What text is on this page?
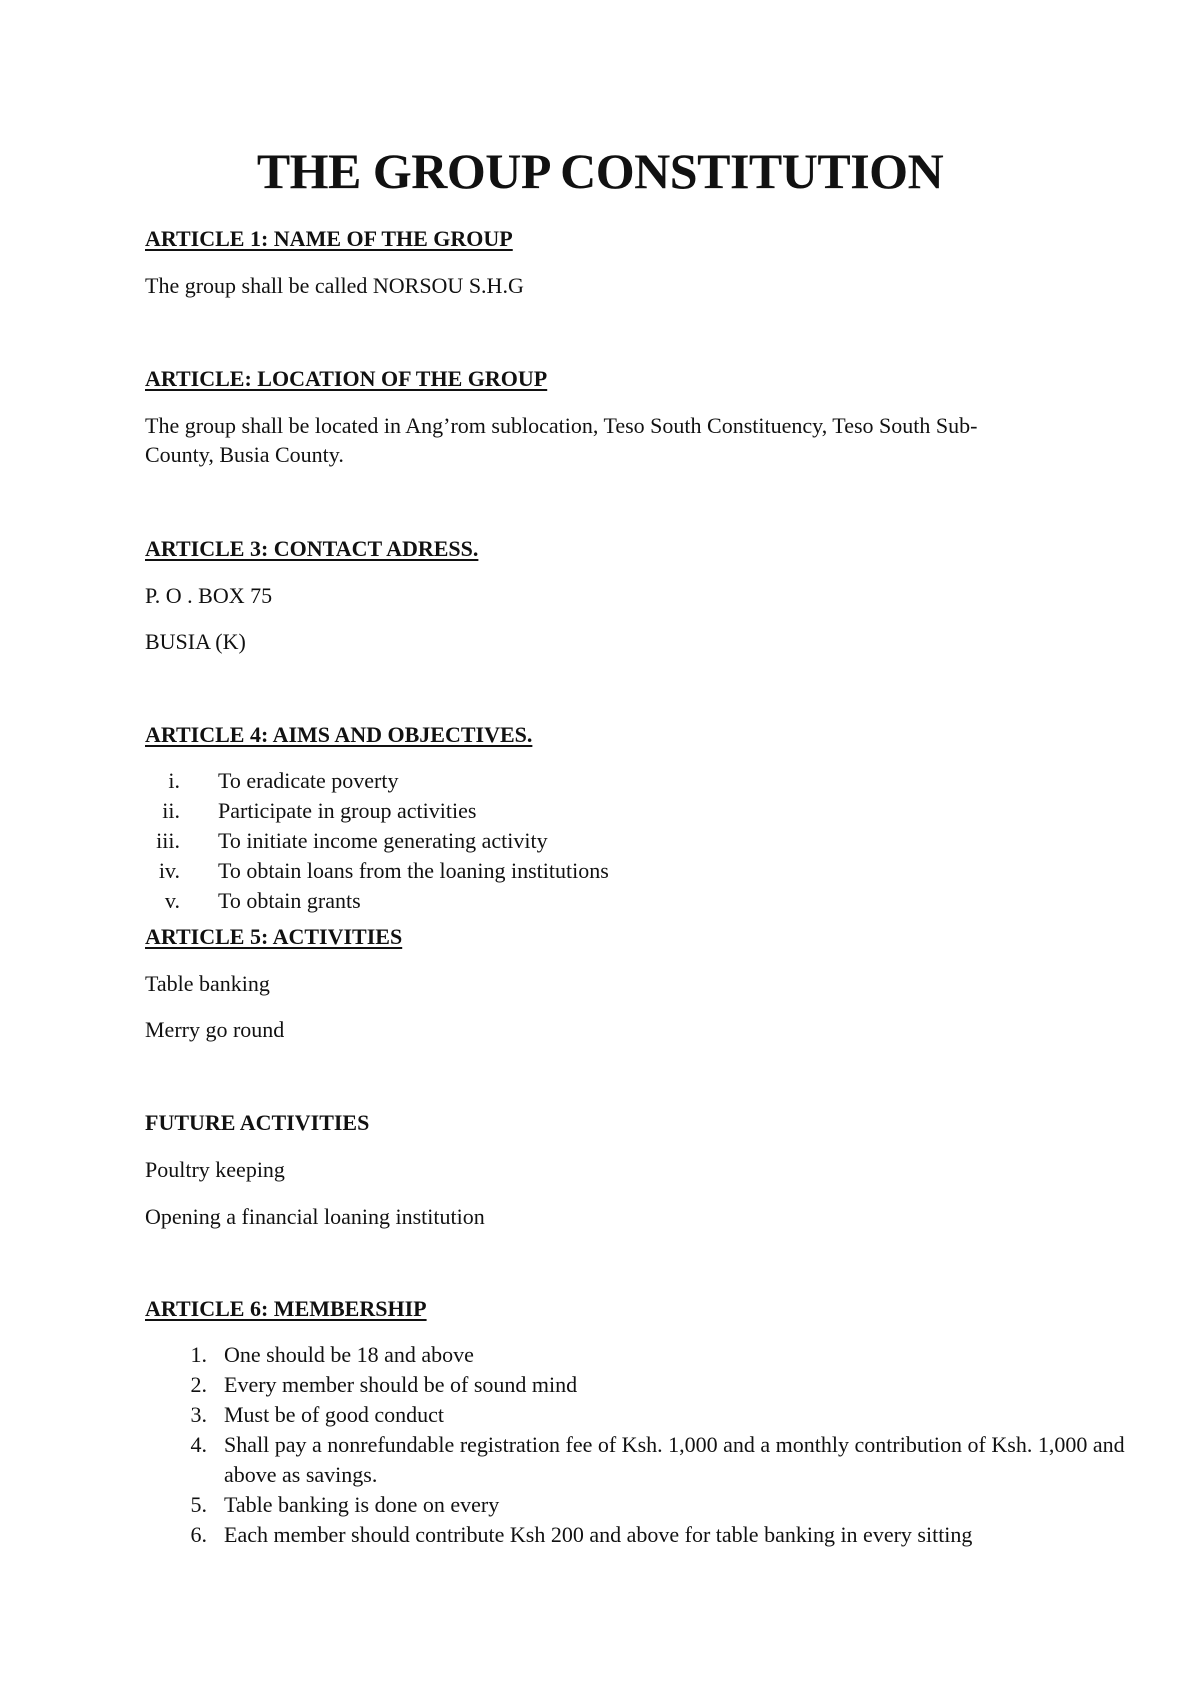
THE GROUP CONSTITUTION
ARTICLE 1: NAME OF THE GROUP

The group shall be called NORSOU S.H.G

ARTICLE: LOCATION OF THE GROUP

The group shall be located in Ang’rom sublocation, Teso South Constituency, Teso South Sub-County, Busia County.

ARTICLE 3: CONTACT ADRESS.

P. O . BOX 75

BUSIA (K)

ARTICLE 4: AIMS AND OBJECTIVES.
i.	To eradicate poverty
ii.	Participate in group activities
iii.	To initiate income generating activity
iv.	To obtain loans from the loaning institutions
v.	To obtain grants
ARTICLE 5: ACTIVITIES

Table banking

Merry go round

FUTURE ACTIVITIES

Poultry keeping

Opening a financial loaning institution

ARTICLE 6: MEMBERSHIP
1. One should be 18 and above
2. Every member should be of sound mind
3. Must be of good conduct
4. Shall pay a nonrefundable registration fee of Ksh. 1,000 and a monthly contribution of Ksh. 1,000 and above as savings.
5. Table banking is done on every
6. Each member should contribute Ksh 200 and above for table banking in every sitting
